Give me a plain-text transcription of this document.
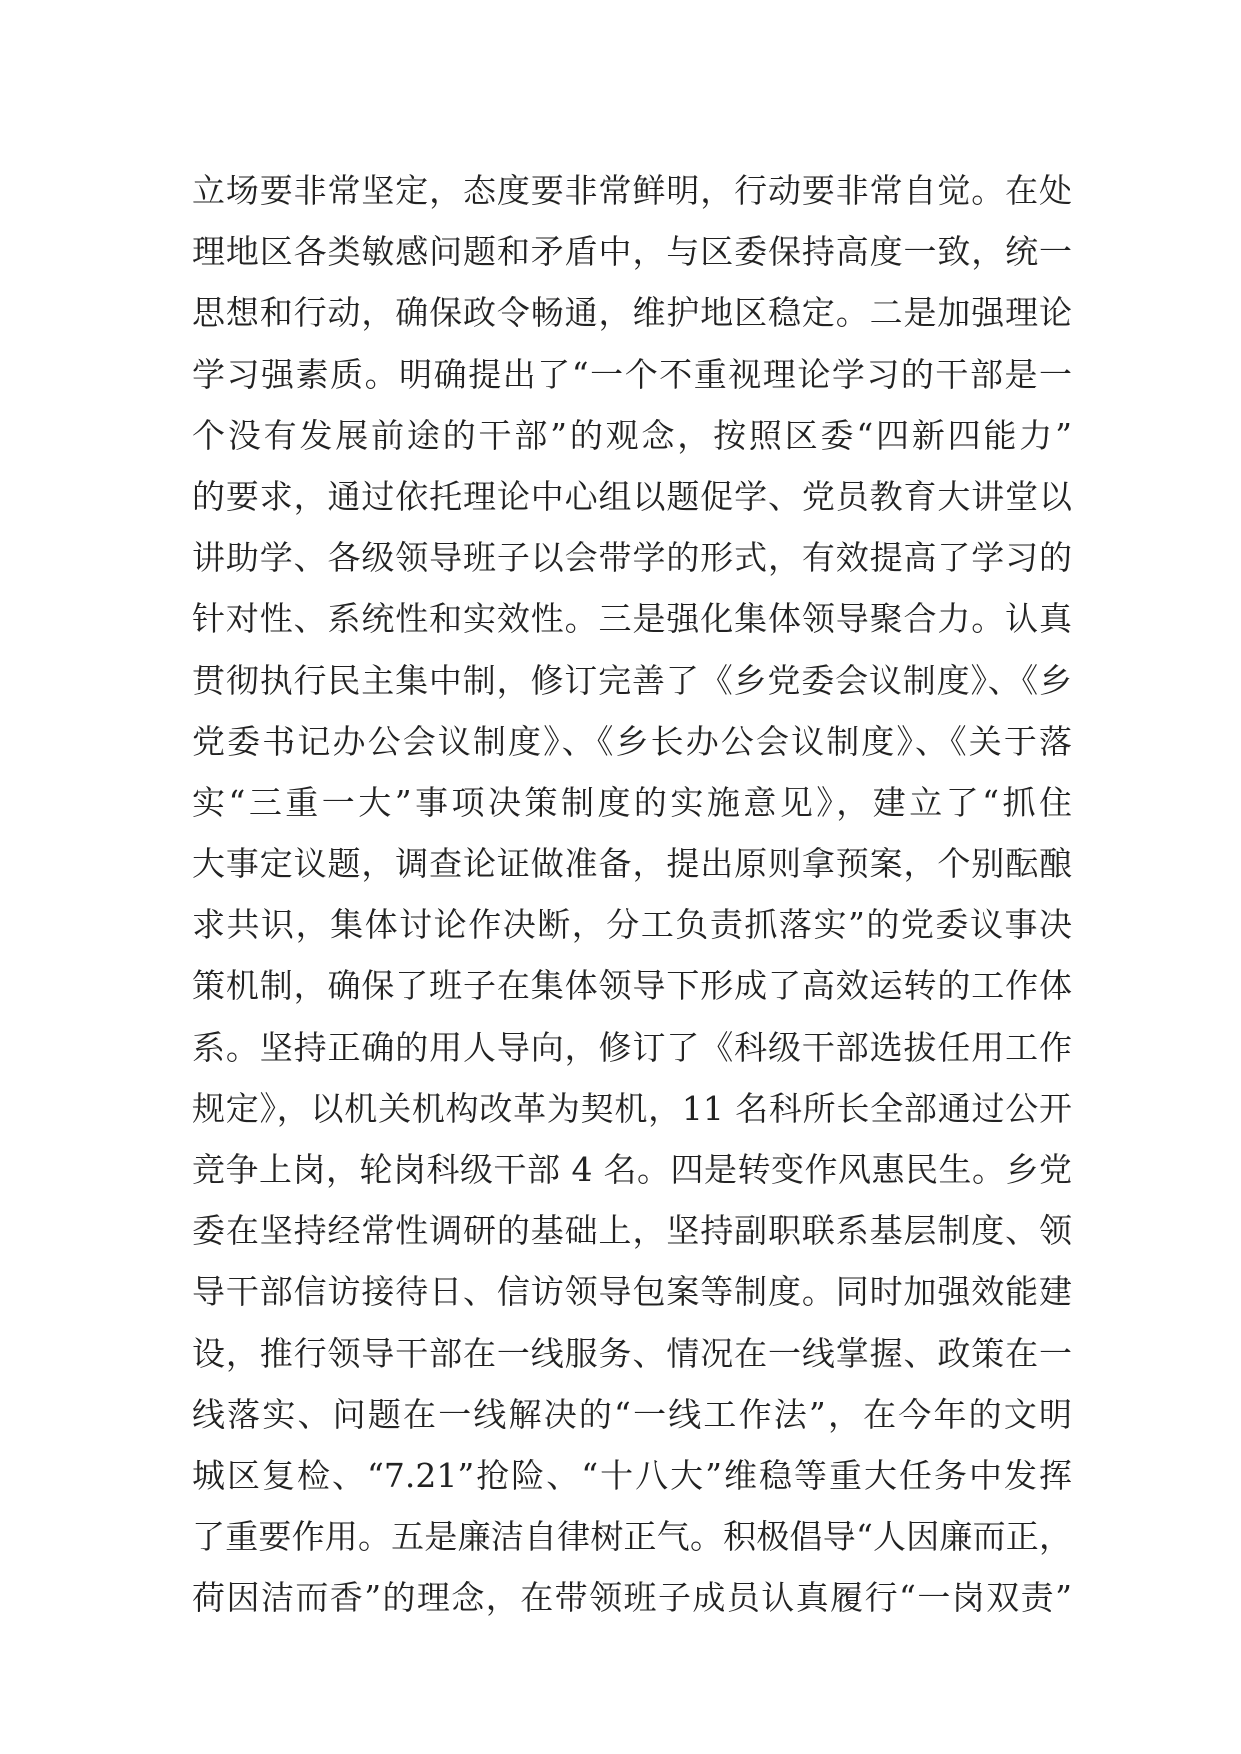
立场要非常坚定，态度要非常鲜明，行动要非常自觉。在处
理地区各类敏感问题和矛盾中，与区委保持高度一致，统一
思想和行动，确保政令畅通，维护地区稳定。二是加强理论
学习强素质。明确提出了“一个不重视理论学习的干部是一
个没有发展前途的干部”的观念，按照区委“四新四能力”
的要求，通过依托理论中心组以题促学、党员教育大讲堂以
讲助学、各级领导班子以会带学的形式，有效提高了学习的
针对性、系统性和实效性。三是强化集体领导聚合力。认真
贯彻执行民主集中制，修订完善了《乡党委会议制度》、《乡
党委书记办公会议制度》、《乡长办公会议制度》、《关于落
实“三重一大”事项决策制度的实施意见》，建立了“抓住
大事定议题，调查论证做准备，提出原则拿预案，个别酝酿
求共识，集体讨论作决断，分工负责抓落实”的党委议事决
策机制，确保了班子在集体领导下形成了高效运转的工作体
系。坚持正确的用人导向，修订了《科级干部选拔任用工作
规定》，以机关机构改革为契机，11 名科所长全部通过公开
竞争上岗，轮岗科级干部 4 名。四是转变作风惠民生。乡党
委在坚持经常性调研的基础上，坚持副职联系基层制度、领
导干部信访接待日、信访领导包案等制度。同时加强效能建
设，推行领导干部在一线服务、情况在一线掌握、政策在一
线落实、问题在一线解决的“一线工作法”，在今年的文明
城区复检、“7.21”抢险、“十八大”维稳等重大任务中发挥
了重要作用。五是廉洁自律树正气。积极倡导“人因廉而正，
荷因洁而香”的理念，在带领班子成员认真履行“一岗双责”
